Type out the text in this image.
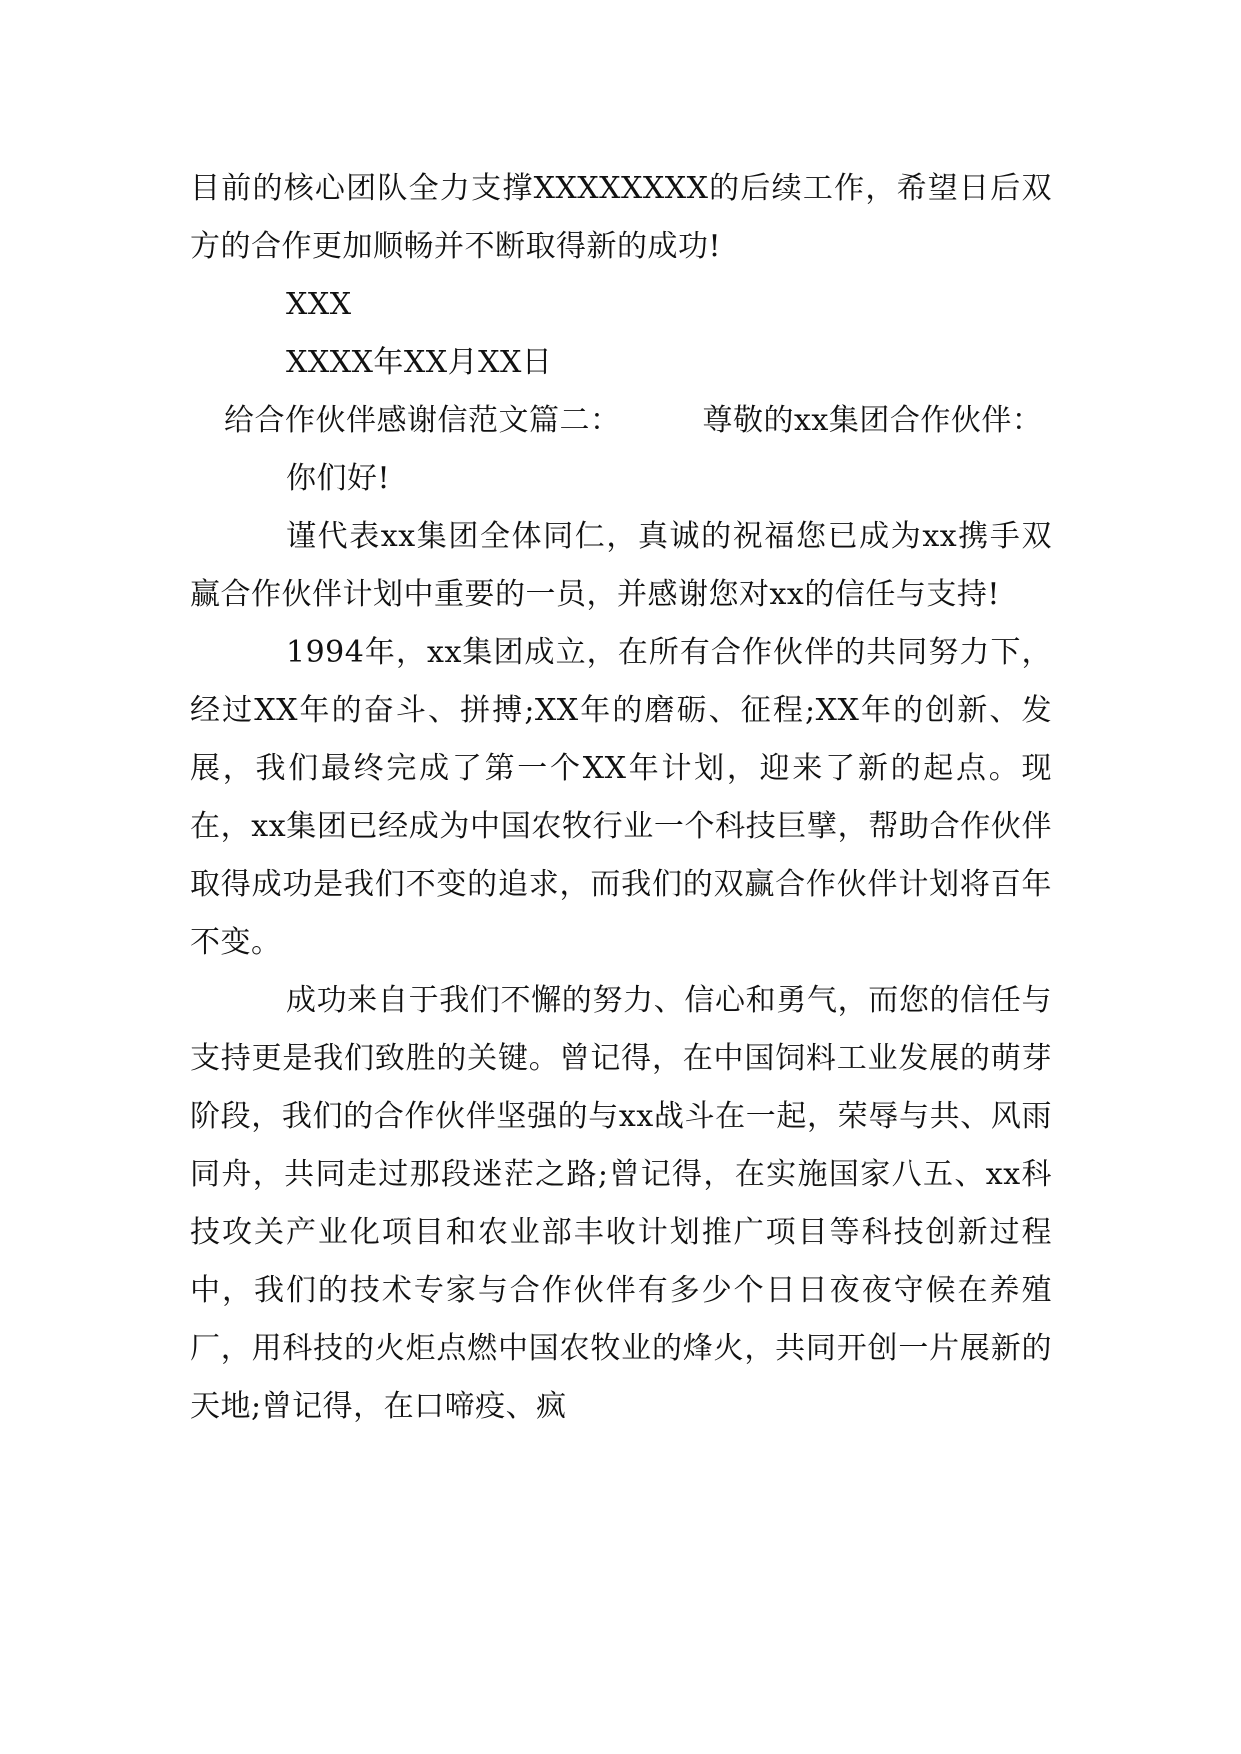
目前的核心团队全力支撑XXXXXXXX的后续工作，希望日后双方的合作更加顺畅并不断取得新的成功!

XXX

XXXX年XX月XX日

给合作伙伴感谢信范文篇二：	尊敬的xx集团合作伙伴：

你们好!

谨代表xx集团全体同仁，真诚的祝福您已成为xx携手双赢合作伙伴计划中重要的一员，并感谢您对xx的信任与支持!

1994年，xx集团成立，在所有合作伙伴的共同努力下，经过XX年的奋斗、拼搏;XX年的磨砺、征程;XX年的创新、发展，我们最终完成了第一个XX年计划，迎来了新的起点。现在，xx集团已经成为中国农牧行业一个科技巨擘，帮助合作伙伴取得成功是我们不变的追求，而我们的双赢合作伙伴计划将百年不变。

成功来自于我们不懈的努力、信心和勇气，而您的信任与支持更是我们致胜的关键。曾记得，在中国饲料工业发展的萌芽阶段，我们的合作伙伴坚强的与xx战斗在一起，荣辱与共、风雨同舟，共同走过那段迷茫之路;曾记得，在实施国家八五、xx科技攻关产业化项目和农业部丰收计划推广项目等科技创新过程中，我们的技术专家与合作伙伴有多少个日日夜夜守候在养殖厂，用科技的火炬点燃中国农牧业的烽火，共同开创一片展新的天地;曾记得，在口啼疫、疯
